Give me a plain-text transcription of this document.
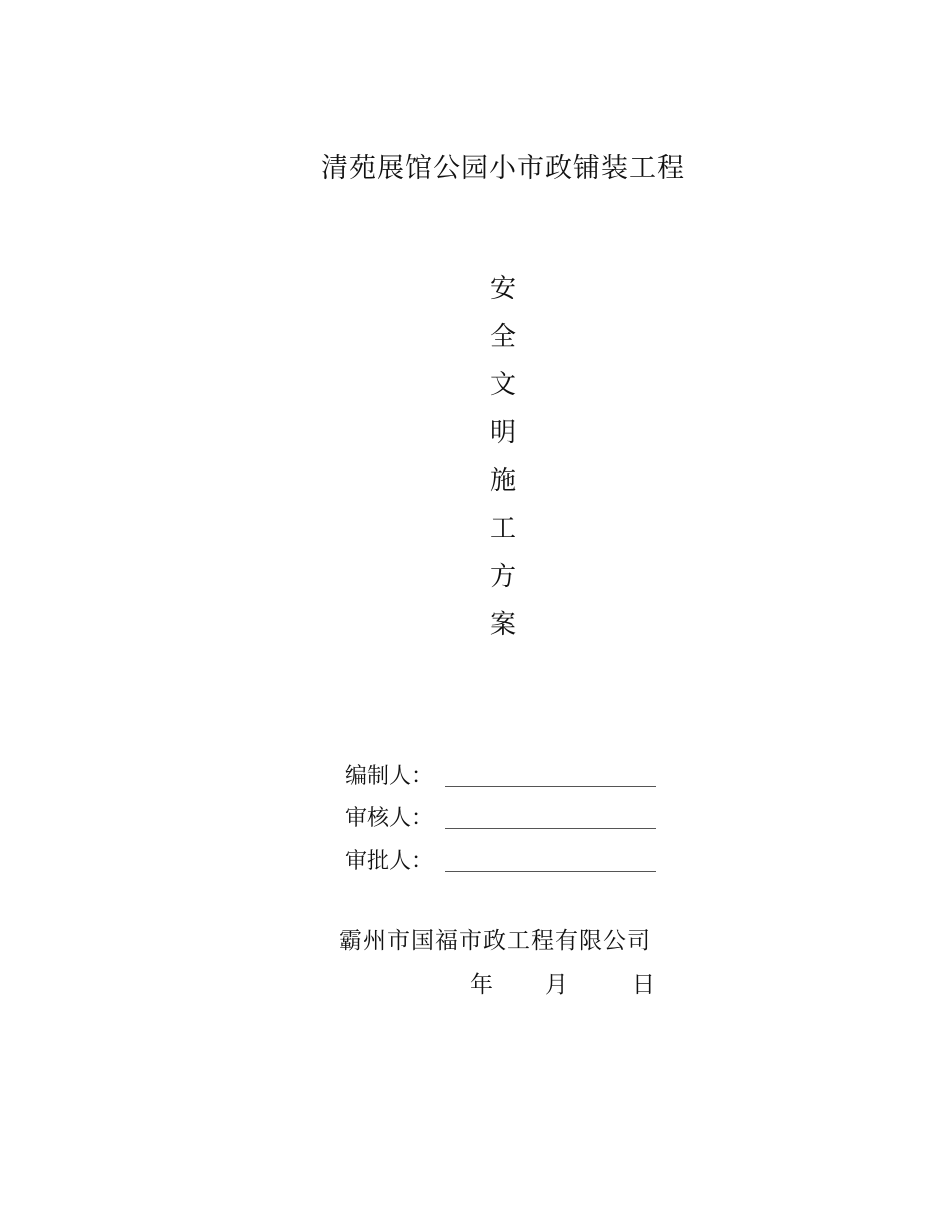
清苑展馆公园小市政铺装工程
安
全
文
明
施
工
方
案
编制人：
审核人：
审批人：
霸州市国福市政工程有限公司
年 月	日
